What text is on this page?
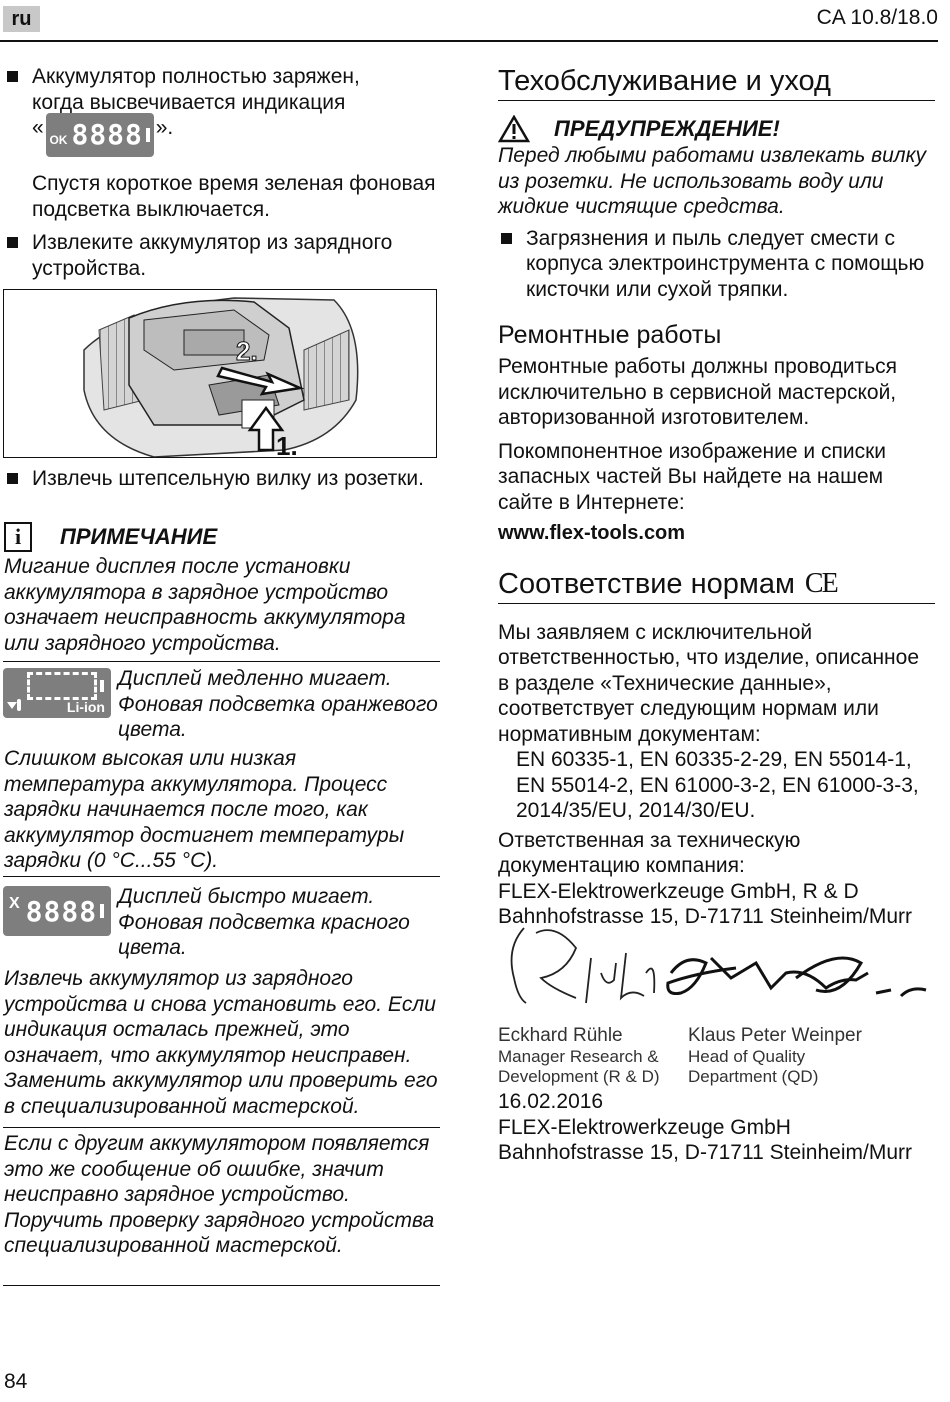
ru	CA 10.8/18.0
Аккумулятор полностью заряжен,
когда высвечивается индикация
«
OK 8888 ».

Спустя короткое время зеленая фоновая подсветка выключается.

Извлеките аккумулятор из зарядного устройства.

2.
1.

Извлечь штепсельную вилку из розетки.

i	ПРИМЕЧАНИЕ

Мигание дисплея после установки аккумулятора в зарядное устройство означает неисправность аккумулятора или зарядного устройства.

Li-ion

Дисплей медленно мигает. Фоновая подсветка оранжевого цвета.

Слишком высокая или низкая температура аккумулятора. Процесс зарядки начинается после того, как аккумулятор достигнет температуры зарядки (0 °C...55 °C).

X 8888 Дисплей быстро мигает. Фоновая подсветка красного цвета.

Извлечь аккумулятор из зарядного устройства и снова установить его. Если индикация осталась прежней, это означает, что аккумулятор неисправен. Заменить аккумулятор или проверить его в специализированной мастерской.

Если с другим аккумулятором появляется это же сообщение об ошибке, значит неисправно зарядное устройство. Поручить проверку зарядного устройства специализированной мастерской.

84
Техобслуживание и уход
ПРЕДУПРЕЖДЕНИЕ!

Перед любыми работами извлекать вилку из розетки. Не использовать воду или жидкие чистящие средства.

Загрязнения и пыль следует смести с корпуса электроинструмента с помощью кисточки или сухой тряпки.

Ремонтные работы

Ремонтные работы должны проводиться исключительно в сервисной мастерской, авторизованной изготовителем.

Покомпонентное изображение и списки запасных частей Вы найдете на нашем сайте в Интернете:

www.flex-tools.com

Соответствие нормам CE

Мы заявляем с исключительной ответственностью, что изделие, описанное в разделе «Технические данные», соответствует следующим нормам или нормативным документам:

EN 60335-1, EN 60335-2-29, EN 55014-1, EN 55014-2, EN 61000-3-2, EN 61000-3-3, 2014/35/EU, 2014/30/EU.

Ответственная за техническую документацию компания:

FLEX-Elektrowerkzeuge GmbH, R & D

Bahnhofstrasse 15, D-71711 Steinheim/Murr

Eckhard Rühle
Manager Research &
Development (R & D)
Klaus Peter Weinper
Head of Quality
Department (QD)

16.02.2016

FLEX-Elektrowerkzeuge GmbH

Bahnhofstrasse 15, D-71711 Steinheim/Murr
